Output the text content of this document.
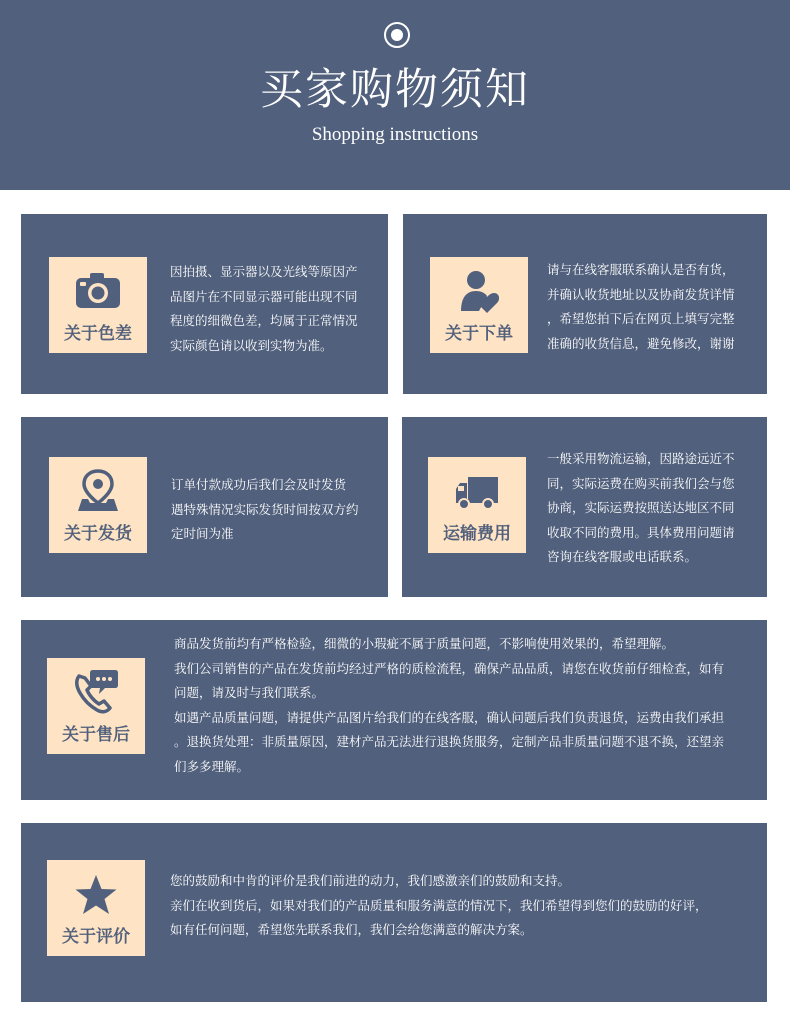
买家购物须知
Shopping instructions
关于色差

因拍摄、显示器以及光线等原因产

品图片在不同显示器可能出现不同

程度的细微色差，均属于正常情况

实际颜色请以收到实物为准。

关于下单

请与在线客服联系确认是否有货，

并确认收货地址以及协商发货详情

，希望您拍下后在网页上填写完整

准确的收货信息，避免修改，谢谢

关于发货

订单付款成功后我们会及时发货

遇特殊情况实际发货时间按双方约

定时间为准	运输费用

一般采用物流运输，因路途远近不

同，实际运费在购买前我们会与您

协商，实际运费按照送达地区不同

收取不同的费用。具体费用问题请

咨询在线客服或电话联系。

关于售后

商品发货前均有严格检验，细微的小瑕疵不属于质量问题，不影响使用效果的，希望理解。

我们公司销售的产品在发货前均经过严格的质检流程，确保产品品质，请您在收货前仔细检查，如有

问题，请及时与我们联系。

如遇产品质量问题，请提供产品图片给我们的在线客服，确认问题后我们负责退货，运费由我们承担

。退换货处理：非质量原因，建材产品无法进行退换货服务，定制产品非质量问题不退不换，还望亲

们多多理解。

关于评价

您的鼓励和中肯的评价是我们前进的动力，我们感激亲们的鼓励和支持。

亲们在收到货后，如果对我们的产品质量和服务满意的情况下，我们希望得到您们的鼓励的好评，

如有任何问题，希望您先联系我们，我们会给您满意的解决方案。
